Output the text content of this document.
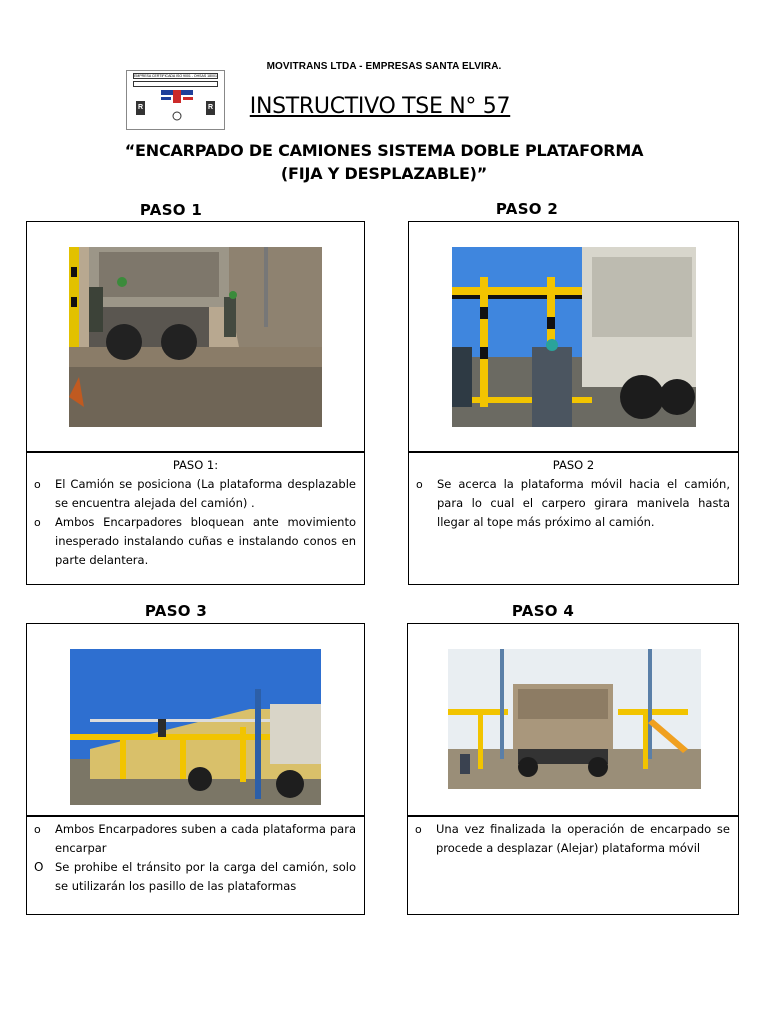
MOVITRANS LTDA - EMPRESAS SANTA ELVIRA.
EMPRESA CERTIFICADA ISO 9001 - OHSAS 18001
R	R	INSTRUCTIVO TSE N° 57
“ENCARPADO DE CAMIONES SISTEMA DOBLE PLATAFORMA
(FIJA Y DESPLAZABLE)”
PASO 1
PASO 1:
o El Camión se posiciona (La plataforma desplazable se encuentra alejada del camión) .
o Ambos Encarpadores bloquean ante movimiento inesperado instalando cuñas e instalando conos en parte delantera.
PASO 2
PASO 2
o Se acerca la plataforma móvil hacia el camión, para lo cual el carpero girara manivela hasta llegar al tope más próximo al camión.
PASO 3
o Ambos Encarpadores suben a cada plataforma para encarpar
O Se prohibe el tránsito por la carga del camión, solo se utilizarán los pasillo de las plataformas
PASO 4
o Una vez finalizada la operación de encarpado se procede a desplazar (Alejar) plataforma móvil
